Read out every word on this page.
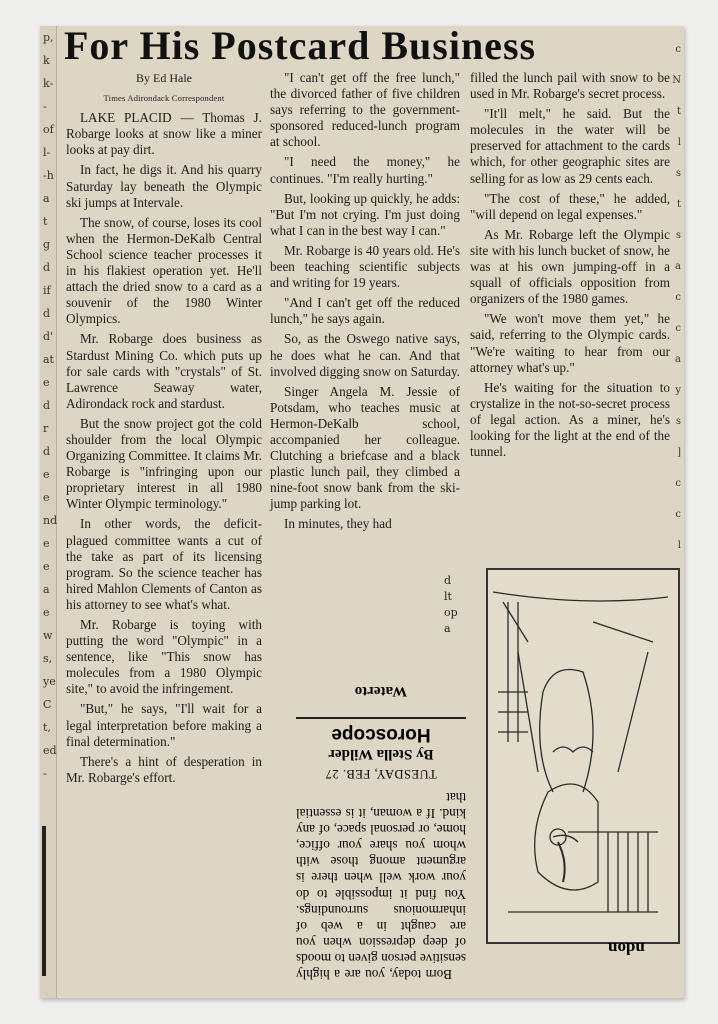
p,
k
k-
-
of
l-
-h
a
t
g
d
if
d
d'
at
e
d
r
d
e
e
nd
e
e
a
e
w
s,
ye
C
t,
ed
-
c
N
t
l
s
t
s
a
c
c
a
y
s
]
c
c
l
For His Postcard Business

By Ed Hale

Times Adirondack Correspondent

LAKE PLACID — Thomas J. Robarge looks at snow like a miner looks at pay dirt.

In fact, he digs it. And his quarry Saturday lay beneath the Olympic ski jumps at Intervale.

The snow, of course, loses its cool when the Hermon-DeKalb Central School science teacher processes it in his flakiest operation yet. He'll attach the dried snow to a card as a souvenir of the 1980 Winter Olympics.

Mr. Robarge does business as Stardust Mining Co. which puts up for sale cards with "crystals" of St. Lawrence Seaway water, Adirondack rock and stardust.

But the snow project got the cold shoulder from the local Olympic Organizing Committee. It claims Mr. Robarge is "infringing upon our proprietary interest in all 1980 Winter Olympic terminology."

In other words, the deficit-plagued committee wants a cut of the take as part of its licensing program. So the science teacher has hired Mahlon Clements of Canton as his attorney to see what's what.

Mr. Robarge is toying with putting the word "Olympic" in a sentence, like "This snow has molecules from a 1980 Olympic site," to avoid the infringement.

"But," he says, "I'll wait for a legal interpretation before making a final determination."

There's a hint of desperation in Mr. Robarge's effort.

"I can't get off the free lunch," the divorced father of five children says referring to the government-sponsored reduced-lunch program at school.

"I need the money," he continues. "I'm really hurting."

But, looking up quickly, he adds: "But I'm not crying. I'm just doing what I can in the best way I can."

Mr. Robarge is 40 years old. He's been teaching scientific subjects and writing for 19 years.

"And I can't get off the reduced lunch," he says again.

So, as the Oswego native says, he does what he can. And that involved digging snow on Saturday.

Singer Angela M. Jessie of Potsdam, who teaches music at Hermon-DeKalb school, accompanied her colleague. Clutching a briefcase and a black plastic lunch pail, they climbed a nine-foot snow bank from the ski-jump parking lot.

In minutes, they had

filled the lunch pail with snow to be used in Mr. Robarge's secret process.

"It'll melt," he said. But the molecules in the water will be preserved for attachment to the cards which, for other geographic sites are selling for as low as 29 cents each.

"The cost of these," he added, "will depend on legal expenses."

As Mr. Robarge left the Olympic site with his lunch bucket of snow, he was at his own jumping-off in a squall of officials opposition from organizers of the 1980 games.

"We won't move them yet," he said, referring to the Olympic cards. "We're waiting to hear from our attorney what's up."

He's waiting for the situation to crystalize in the not-so-secret process of legal action. As a miner, he's looking for the light at the end of the tunnel.

d
lt
op
a

Born today, you are a highly sensitive person given to moods of deep depression when you are caught in a web of inharmonious surroundings. You find it impossible to do your work well when there is argument among those with whom you share your office, home, or personal space, of any kind. If a woman, it is essential that

TUESDAY, FEB. 27

By Stella Wilder

Horoscope

Waterto
ndon
